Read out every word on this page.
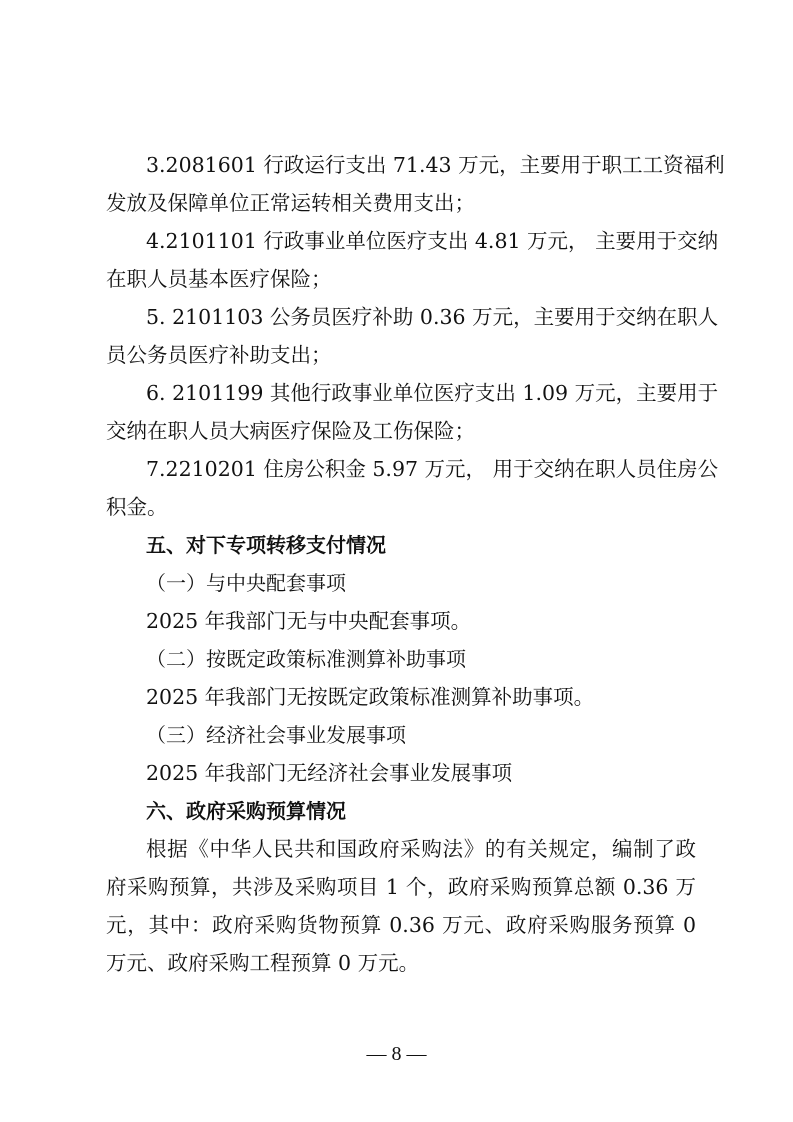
3.2081601 行政运行支出 71.43 万元，主要用于职工工资福利
发放及保障单位正常运转相关费用支出；
4.2101101 行政事业单位医疗支出 4.81 万元， 主要用于交纳
在职人员基本医疗保险；
5. 2101103 公务员医疗补助 0.36 万元，主要用于交纳在职人
员公务员医疗补助支出；
6. 2101199 其他行政事业单位医疗支出 1.09 万元，主要用于
交纳在职人员大病医疗保险及工伤保险；
7.2210201 住房公积金 5.97 万元， 用于交纳在职人员住房公
积金。
五、对下专项转移支付情况
（一）与中央配套事项
2025 年我部门无与中央配套事项。
（二）按既定政策标准测算补助事项
2025 年我部门无按既定政策标准测算补助事项。
（三）经济社会事业发展事项
2025 年我部门无经济社会事业发展事项
六、政府采购预算情况
根据《中华人民共和国政府采购法》的有关规定，编制了政
府采购预算，共涉及采购项目 1 个，政府采购预算总额 0.36 万
元，其中：政府采购货物预算 0.36 万元、政府采购服务预算 0
万元、政府采购工程预算 0 万元。
— 8 —
